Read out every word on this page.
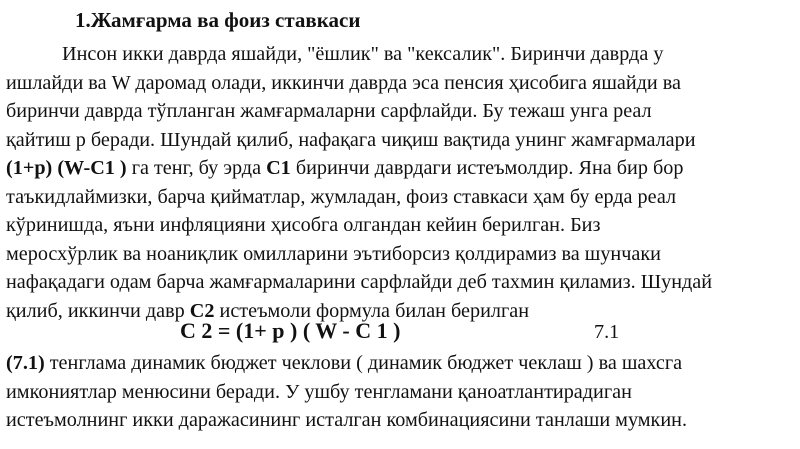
1.Жамғарма ва фоиз ставкаси
Инсон икки даврда яшайди, "ёшлик" ва "кексалик". Биринчи даврда у
ишлайди ва W даромад олади, иккинчи даврда эса пенсия ҳисобига яшайди ва
биринчи даврда тўпланган жамғармаларни сарфлайди. Бу тежаш унга реал
қайтиш p беради. Шундай қилиб, нафақага чиқиш вақтида унинг жамғармалари
(1+p) (W-C1 ) га тенг, бу эрда C1 биринчи даврдаги истеъмолдир. Яна бир бор
таъкидлаймизки, барча қийматлар, жумладан, фоиз ставкаси ҳам бу ерда реал
кўринишда, яъни инфляцияни ҳисобга олгандан кейин берилган. Биз
меросхўрлик ва ноаниқлик омилларини эътиборсиз қолдирамиз ва шунчаки
нафақадаги одам барча жамғармаларини сарфлайди деб тахмин қиламиз. Шундай
қилиб, иккинчи давр C2 истеъмоли формула билан берилган
C 2 = (1+ p ) ( W - C 1 )	7.1
(7.1) тенглама динамик бюджет чеклови ( динамик бюджет чеклаш ) ва шахсга
имкониятлар менюсини беради. У ушбу тенгламани қаноатлантирадиган
истеъмолнинг икки даражасининг исталган комбинациясини танлаши мумкин.
